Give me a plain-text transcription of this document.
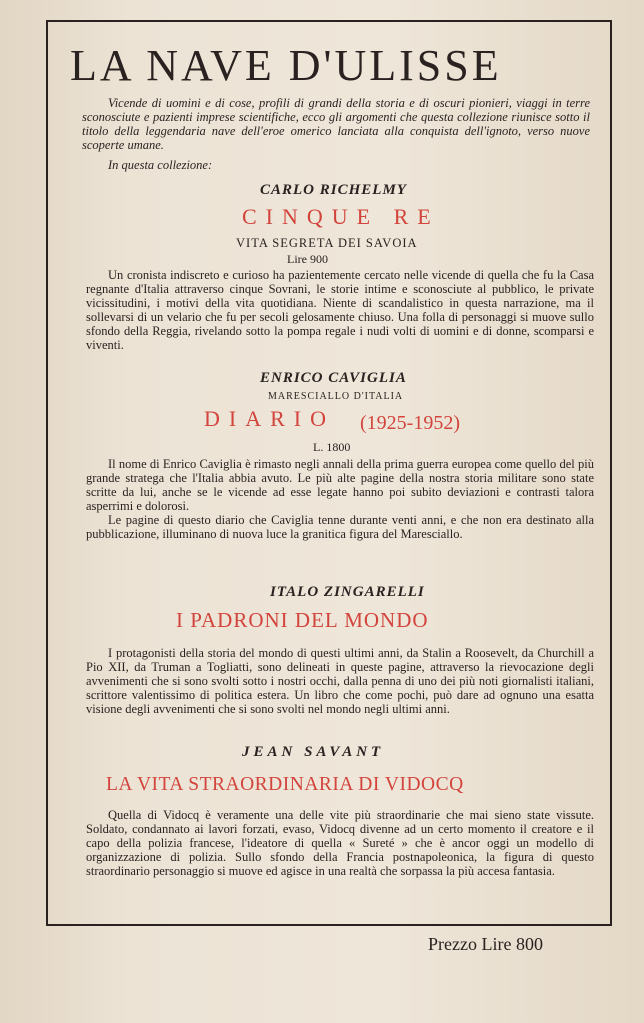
LA NAVE D'ULISSE

Vicende di uomini e di cose, profili di grandi della storia e di oscuri pionieri, viaggi in terre sconosciute e pazienti imprese scientifiche, ecco gli argomenti che questa collezione riunisce sotto il titolo della leggendaria nave dell'eroe omerico lanciata alla conquista dell'ignoto, verso nuove scoperte umane.

In questa collezione:
CARLO RICHELMY
CINQUE RE
VITA SEGRETA DEI SAVOIA
Lire 900

Un cronista indiscreto e curioso ha pazientemente cercato nelle vicende di quella che fu la Casa regnante d'Italia attraverso cinque Sovrani, le storie intime e sconosciute al pubblico, le private vicissitudini, i motivi della vita quotidiana. Niente di scandalistico in questa narrazione, ma il sollevarsi di un velario che fu per secoli gelosamente chiuso. Una folla di personaggi si muove sullo sfondo della Reggia, rivelando sotto la pompa regale i nudi volti di uomini e di donne, scomparsi e viventi.

ENRICO CAVIGLIA
MARESCIALLO D'ITALIA
DIARIO (1925-1952)
L. 1800

Il nome di Enrico Caviglia è rimasto negli annali della prima guerra europea come quello del più grande stratega che l'Italia abbia avuto. Le più alte pagine della nostra storia militare sono state scritte da lui, anche se le vicende ad esse legate hanno poi subito deviazioni e contrasti talora asperrimi e dolorosi.

Le pagine di questo diario che Caviglia tenne durante venti anni, e che non era destinato alla pubblicazione, illuminano di nuova luce la granitica figura del Maresciallo.

ITALO ZINGARELLI
I PADRONI DEL MONDO

I protagonisti della storia del mondo di questi ultimi anni, da Stalin a Roosevelt, da Churchill a Pio XII, da Truman a Togliatti, sono delineati in queste pagine, attraverso la rievocazione degli avvenimenti che si sono svolti sotto i nostri occhi, dalla penna di uno dei più noti giornalisti italiani, scrittore valentissimo di politica estera. Un libro che come pochi, può dare ad ognuno una esatta visione degli avvenimenti che si sono svolti nel mondo negli ultimi anni.

JEAN SAVANT
LA VITA STRAORDINARIA DI VIDOCQ

Quella di Vidocq è veramente una delle vite più straordinarie che mai sieno state vissute. Soldato, condannato ai lavori forzati, evaso, Vidocq divenne ad un certo momento il creatore e il capo della polizia francese, l'ideatore di quella « Sureté » che è ancor oggi un modello di organizzazione di polizia. Sullo sfondo della Francia postnapoleonica, la figura di questo straordinario personaggio si muove ed agisce in una realtà che sorpassa la più accesa fantasia.

Prezzo Lire 800
